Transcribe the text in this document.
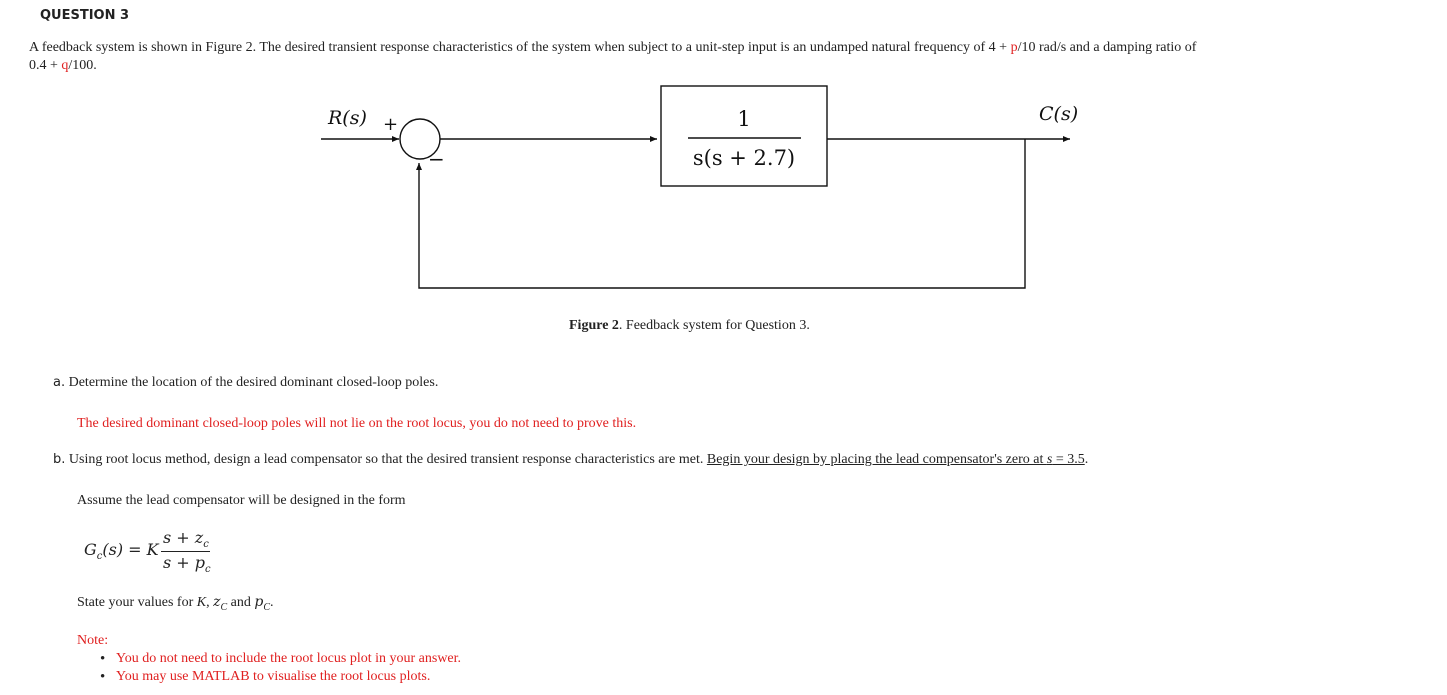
QUESTION 3
A feedback system is shown in Figure 2. The desired transient response characteristics of the system when subject to a unit-step input is an undamped natural frequency of 4 + p/10 rad/s and a damping ratio of
0.4 + q/100.
1
s(s + 2.7)
R(s) +
−
C(s)
Figure 2. Feedback system for Question 3.
a. Determine the location of the desired dominant closed-loop poles.
The desired dominant closed-loop poles will not lie on the root locus, you do not need to prove this.
b. Using root locus method, design a lead compensator so that the desired transient response characteristics are met. Begin your design by placing the lead compensator's zero at s = 3.5.
Assume the lead compensator will be designed in the form
$G_c(s) = K$
$s + z_c$
$s + p_c$
State your values for K, $z_C$ and $p_C$.
Note:
• You do not need to include the root locus plot in your answer.
• You may use MATLAB to visualise the root locus plots.
